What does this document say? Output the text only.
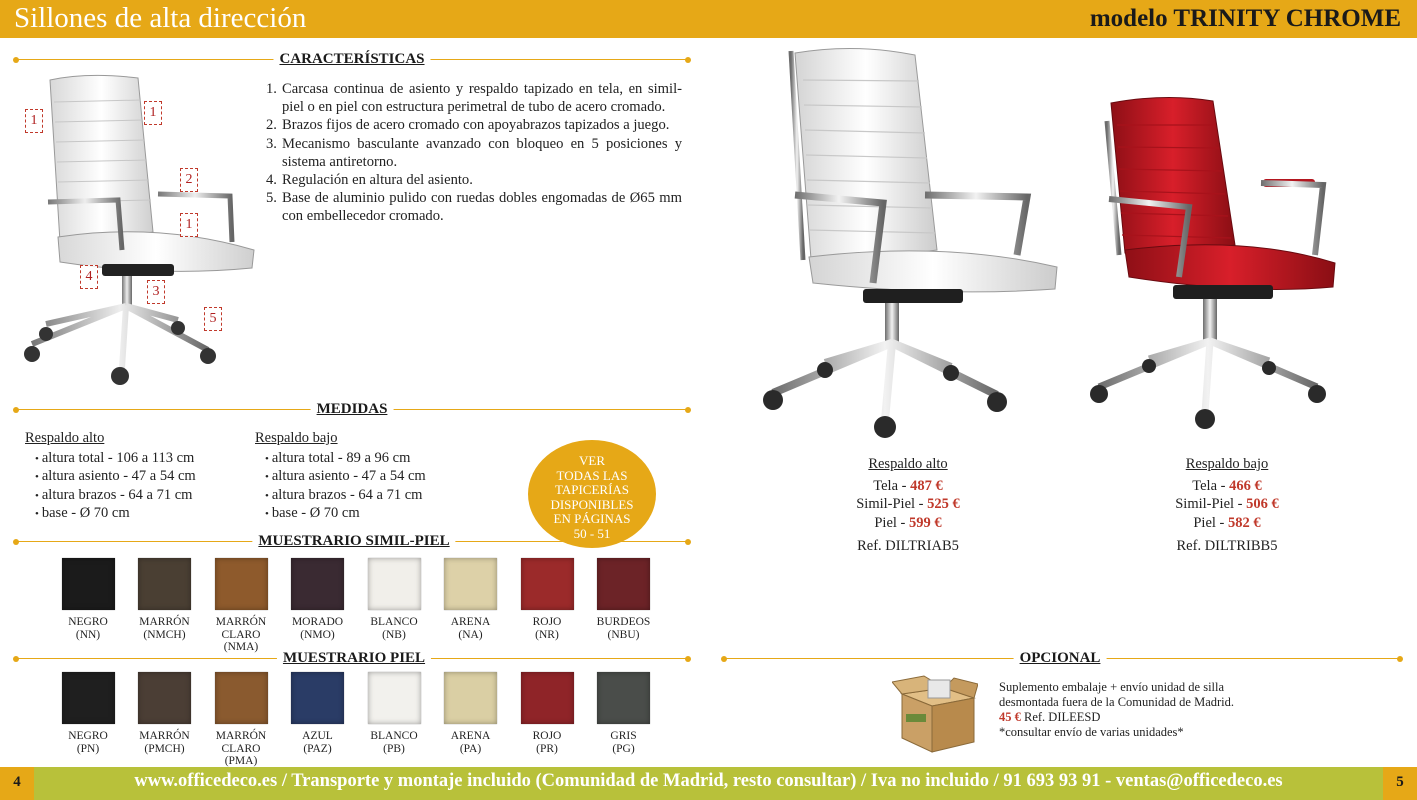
Sillones de alta dirección	modelo TRINITY CHROME
CARACTERÍSTICAS
1
1
2
1
4
3
5
1. Carcasa continua de asiento y respaldo tapizado en tela, en simil-piel o en piel con estructura perimetral de tubo de acero cromado.
2. Brazos fijos de acero cromado con apoyabrazos tapizados a juego.
3. Mecanismo basculante avanzado con bloqueo en 5 posiciones y sistema antiretorno.
4. Regulación en altura del asiento.
5. Base de aluminio pulido con ruedas dobles engomadas de Ø65 mm con embellecedor cromado.
Respaldo alto
Tela - 487 €
Simil-Piel - 525 €
Piel - 599 €
Ref. DILTRIAB5
Respaldo bajo
Tela - 466 €
Simil-Piel - 506 €
Piel - 582 €
Ref. DILTRIBB5
MEDIDAS
Respaldo alto
• altura total - 106 a 113 cm
• altura asiento - 47 a 54 cm
• altura brazos - 64 a 71 cm
• base - Ø 70 cm
Respaldo bajo
• altura total - 89 a 96 cm
• altura asiento - 47 a 54 cm
• altura brazos - 64 a 71 cm
• base - Ø 70 cm
MUESTRARIO SIMIL-PIEL
VER
TODAS LAS
TAPICERÍAS
DISPONIBLES
EN PÁGINAS
50 - 51
NEGRO
(NN)
MARRÓN
(NMCH)
MARRÓN CLARO
(NMA)
MORADO
(NMO)
BLANCO
(NB)
ARENA
(NA)
ROJO
(NR)
BURDEOS
(NBU)
MUESTRARIO PIEL
NEGRO
(PN)
MARRÓN
(PMCH)
MARRÓN CLARO
(PMA)
AZUL
(PAZ)
BLANCO
(PB)
ARENA
(PA)
ROJO
(PR)
GRIS
(PG)
OPCIONAL
Suplemento embalaje + envío unidad de silla desmontada fuera de la Comunidad de Madrid. 45 € Ref. DILEESD
*consultar envío de varias unidades*
4	www.officedeco.es / Transporte y montaje incluido (Comunidad de Madrid, resto consultar) / Iva no incluido / 91 693 93 91 - ventas@officedeco.es	5
